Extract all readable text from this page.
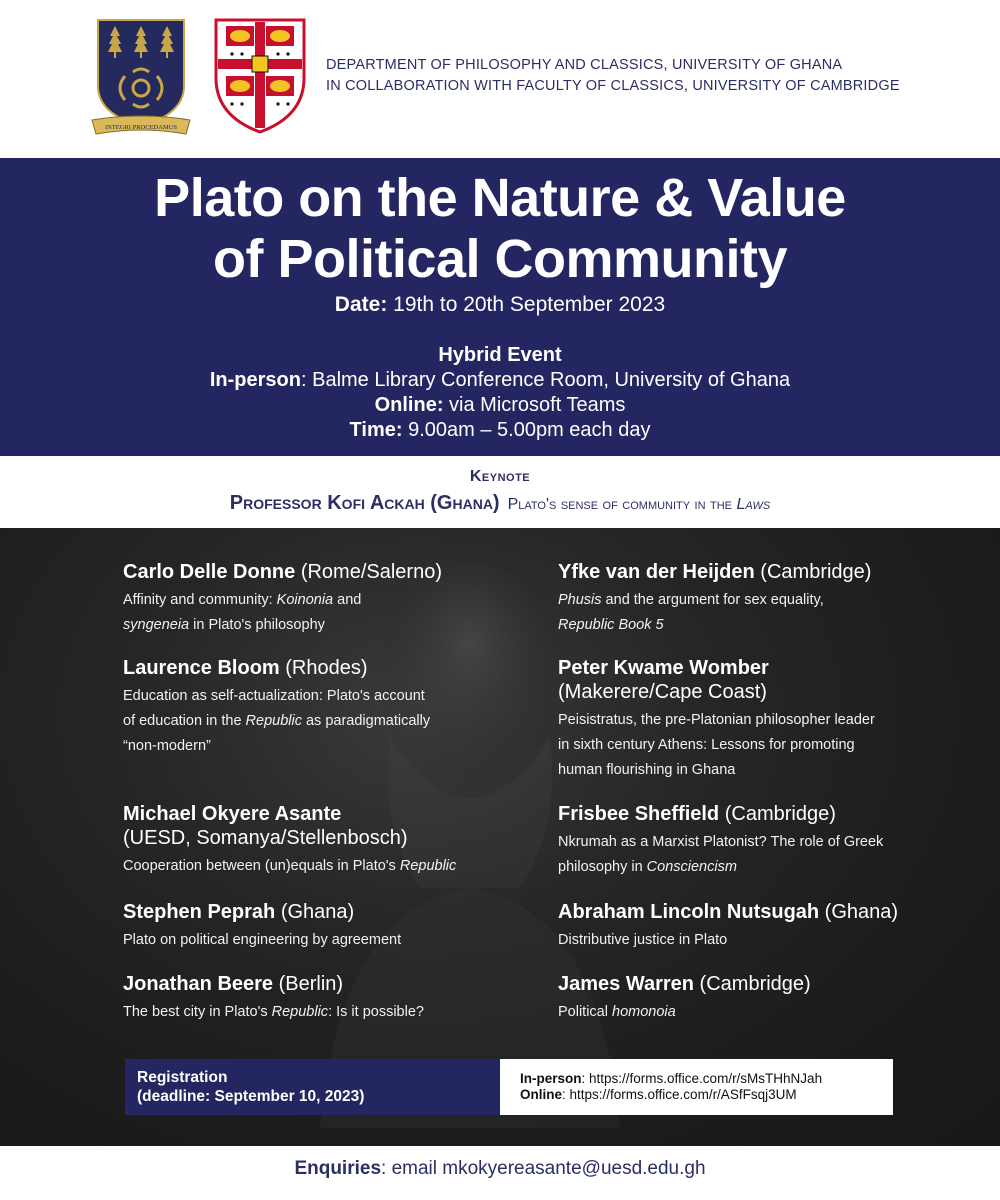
INTEGRI PROCEDAMUS
DEPARTMENT OF PHILOSOPHY AND CLASSICS, UNIVERSITY OF GHANA
IN COLLABORATION WITH FACULTY OF CLASSICS, UNIVERSITY OF CAMBRIDGE
Plato on the Nature & Value
of Political Community
Date: 19th to 20th September 2023
Hybrid Event
In-person: Balme Library Conference Room, University of Ghana
Online: via Microsoft Teams
Time: 9.00am – 5.00pm each day
Keynote
Professor Kofi Ackah (Ghana) Plato's sense of community in the Laws
Carlo Delle Donne (Rome/Salerno)
Affinity and community: Koinonia and
syngeneia in Plato's philosophy
Laurence Bloom (Rhodes)
Education as self-actualization: Plato's account
of education in the Republic as paradigmatically
“non-modern”
Michael Okyere Asante
(UESD, Somanya/Stellenbosch)
Cooperation between (un)equals in Plato's Republic
Stephen Peprah (Ghana)
Plato on political engineering by agreement
Jonathan Beere (Berlin)
The best city in Plato's Republic: Is it possible?
Yfke van der Heijden (Cambridge)
Phusis and the argument for sex equality,
Republic Book 5
Peter Kwame Womber
(Makerere/Cape Coast)
Peisistratus, the pre-Platonian philosopher leader
in sixth century Athens: Lessons for promoting
human flourishing in Ghana
Frisbee Sheffield (Cambridge)
Nkrumah as a Marxist Platonist? The role of Greek
philosophy in Consciencism
Abraham Lincoln Nutsugah (Ghana)
Distributive justice in Plato
James Warren (Cambridge)
Political homonoia
Registration
(deadline: September 10, 2023)
In-person: https://forms.office.com/r/sMsTHhNJah
Online: https://forms.office.com/r/ASfFsqj3UM
Enquiries: email mkokyereasante@uesd.edu.gh
